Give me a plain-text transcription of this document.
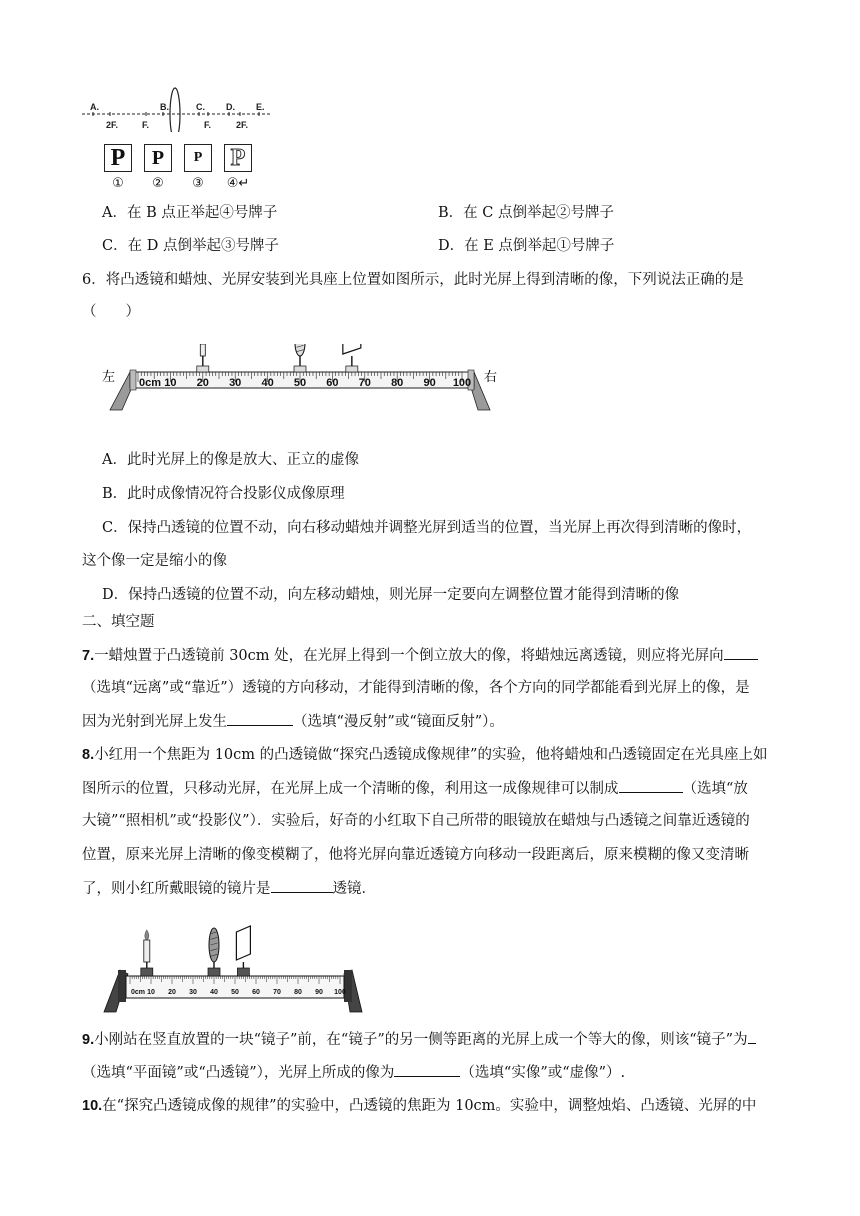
A.	B.	C. D. E.
2F.	F.	F.	2F.
P
①
P
②
P
③
P
④↵
A．在 B 点正举起④号牌子	B．在 C 点倒举起②号牌子
C．在 D 点倒举起③号牌子	D．在 E 点倒举起①号牌子
6．将凸透镜和蜡烛、光屏安装到光具座上位置如图所示，此时光屏上得到清晰的像，下列说法正确的是
（　　）
左	右
0cm 10 20 30 40 50 60 70 80 90 100
A．此时光屏上的像是放大、正立的虚像
B．此时成像情况符合投影仪成像原理
C．保持凸透镜的位置不动，向右移动蜡烛并调整光屏到适当的位置，当光屏上再次得到清晰的像时，
这个像一定是缩小的像
D．保持凸透镜的位置不动，向左移动蜡烛，则光屏一定要向左调整位置才能得到清晰的像
二、填空题
7.一蜡烛置于凸透镜前 30cm 处，在光屏上得到一个倒立放大的像，将蜡烛远离透镜，则应将光屏向
（选填“远离”或“靠近”）透镜的方向移动，才能得到清晰的像，各个方向的同学都能看到光屏上的像，是
因为光射到光屏上发生	（选填“漫反射”或“镜面反射”）。
8.小红用一个焦距为 10cm 的凸透镜做“探究凸透镜成像规律”的实验，他将蜡烛和凸透镜固定在光具座上如
图所示的位置，只移动光屏，在光屏上成一个清晰的像，利用这一成像规律可以制成	（选填“放
大镜”“照相机”或“投影仪”）．实验后，好奇的小红取下自己所带的眼镜放在蜡烛与凸透镜之间靠近透镜的
位置，原来光屏上清晰的像变模糊了，他将光屏向靠近透镜方向移动一段距离后，原来模糊的像又变清晰
了，则小红所戴眼镜的镜片是	透镜．
0cm 10 20 30 40 50 60 70 80 90 100
9.小刚站在竖直放置的一块“镜子”前，在“镜子”的另一侧等距离的光屏上成一个等大的像，则该“镜子”为
（选填“平面镜”或“凸透镜”），光屏上所成的像为	（选填“实像”或“虚像”）.
10.在“探究凸透镜成像的规律”的实验中，凸透镜的焦距为 10cm。实验中，调整烛焰、凸透镜、光屏的中
